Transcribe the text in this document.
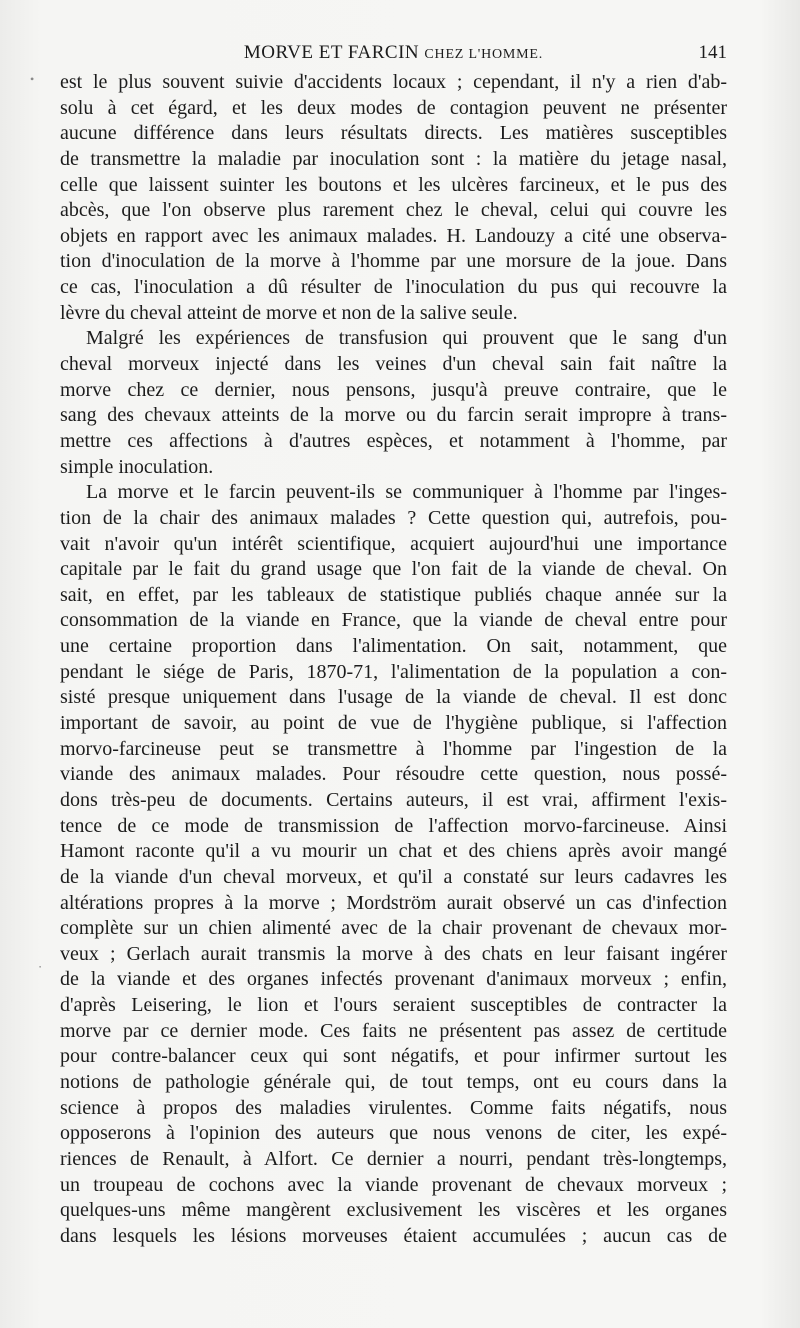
MORVE ET FARCIN CHEZ L'HOMME.	141
est le plus souvent suivie d'accidents locaux ; cependant, il n'y a rien d'ab-
solu à cet égard, et les deux modes de contagion peuvent ne présenter
aucune différence dans leurs résultats directs. Les matières susceptibles
de transmettre la maladie par inoculation sont : la matière du jetage nasal,
celle que laissent suinter les boutons et les ulcères farcineux, et le pus des
abcès, que l'on observe plus rarement chez le cheval, celui qui couvre les
objets en rapport avec les animaux malades. H. Landouzy a cité une observa-
tion d'inoculation de la morve à l'homme par une morsure de la joue. Dans
ce cas, l'inoculation a dû résulter de l'inoculation du pus qui recouvre la
lèvre du cheval atteint de morve et non de la salive seule.
Malgré les expériences de transfusion qui prouvent que le sang d'un
cheval morveux injecté dans les veines d'un cheval sain fait naître la
morve chez ce dernier, nous pensons, jusqu'à preuve contraire, que le
sang des chevaux atteints de la morve ou du farcin serait impropre à trans-
mettre ces affections à d'autres espèces, et notamment à l'homme, par
simple inoculation.
La morve et le farcin peuvent-ils se communiquer à l'homme par l'inges-
tion de la chair des animaux malades ? Cette question qui, autrefois, pou-
vait n'avoir qu'un intérêt scientifique, acquiert aujourd'hui une importance
capitale par le fait du grand usage que l'on fait de la viande de cheval. On
sait, en effet, par les tableaux de statistique publiés chaque année sur la
consommation de la viande en France, que la viande de cheval entre pour
une certaine proportion dans l'alimentation. On sait, notamment, que
pendant le siége de Paris, 1870-71, l'alimentation de la population a con-
sisté presque uniquement dans l'usage de la viande de cheval. Il est donc
important de savoir, au point de vue de l'hygiène publique, si l'affection
morvo-farcineuse peut se transmettre à l'homme par l'ingestion de la
viande des animaux malades. Pour résoudre cette question, nous possé-
dons très-peu de documents. Certains auteurs, il est vrai, affirment l'exis-
tence de ce mode de transmission de l'affection morvo-farcineuse. Ainsi
Hamont raconte qu'il a vu mourir un chat et des chiens après avoir mangé
de la viande d'un cheval morveux, et qu'il a constaté sur leurs cadavres les
altérations propres à la morve ; Mordström aurait observé un cas d'infection
complète sur un chien alimenté avec de la chair provenant de chevaux mor-
veux ; Gerlach aurait transmis la morve à des chats en leur faisant ingérer
de la viande et des organes infectés provenant d'animaux morveux ; enfin,
d'après Leisering, le lion et l'ours seraient susceptibles de contracter la
morve par ce dernier mode. Ces faits ne présentent pas assez de certitude
pour contre-balancer ceux qui sont négatifs, et pour infirmer surtout les
notions de pathologie générale qui, de tout temps, ont eu cours dans la
science à propos des maladies virulentes. Comme faits négatifs, nous
opposerons à l'opinion des auteurs que nous venons de citer, les expé-
riences de Renault, à Alfort. Ce dernier a nourri, pendant très-longtemps,
un troupeau de cochons avec la viande provenant de chevaux morveux ;
quelques-uns même mangèrent exclusivement les viscères et les organes
dans lesquels les lésions morveuses étaient accumulées ; aucun cas de
•
⋅
